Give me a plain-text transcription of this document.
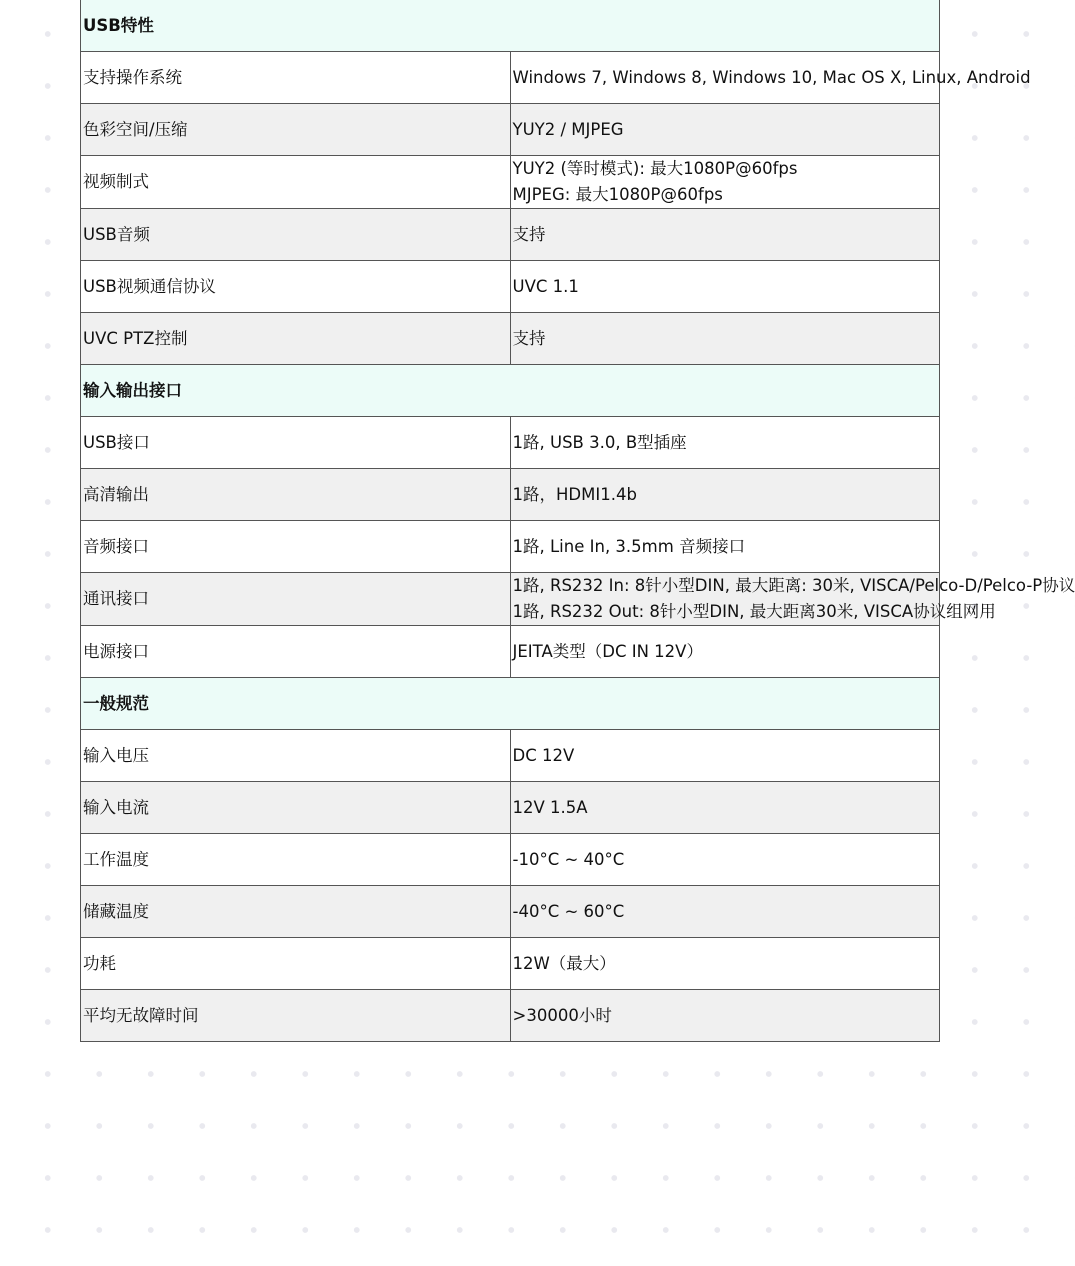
USB特性	
支持操作系统	Windows 7, Windows 8, Windows 10, Mac OS X, Linux, Android

色彩空间/压缩	YUY2 / MJPEG

视频制式	YUY2 (等时模式): 最大1080P@60fps
MJPEG: 最大1080P@60fps

USB音频	支持

USB视频通信协议	UVC 1.1

UVC PTZ控制	支持

输入输出接口	
USB接口	1路, USB 3.0, B型插座

高清输出	1路，HDMI1.4b

音频接口	1路, Line In, 3.5mm 音频接口

通讯接口	1路, RS232 In: 8针小型DIN, 最大距离: 30米, VISCA/Pelco-D/Pelco-P协议
1路, RS232 Out: 8针小型DIN, 最大距离30米, VISCA协议组网用

电源接口	JEITA类型（DC IN 12V）

一般规范	
输入电压	DC 12V

输入电流	12V 1.5A

工作温度	-10°C ~ 40°C

储藏温度	-40°C ~ 60°C

功耗	12W（最大）

平均无故障时间	>30000小时
